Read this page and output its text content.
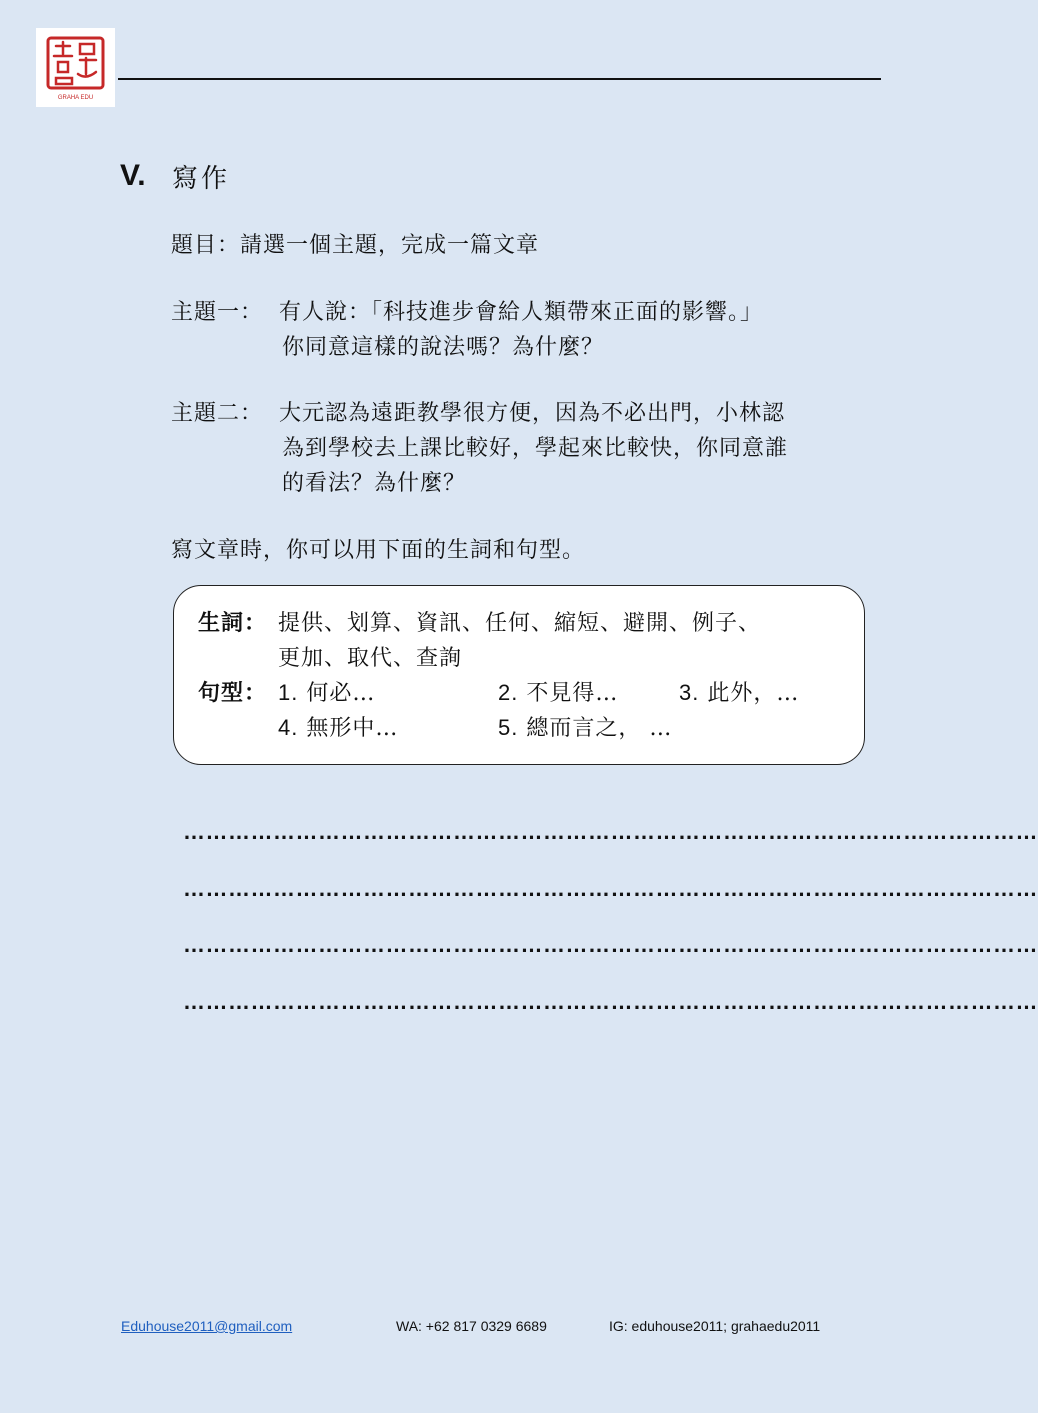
GRAHA EDU
V.	寫作
題目：請選一個主題，完成一篇文章
主題一： 有人說：「科技進步會給人類帶來正面的影響。」
你同意這樣的說法嗎？為什麼？
主題二： 大元認為遠距教學很方便，因為不必出門，小林認
為到學校去上課比較好，學起來比較快，你同意誰
的看法？為什麼？
寫文章時，你可以用下面的生詞和句型。
生詞： 提供、划算、資訊、任何、縮短、避開、例子、
更加、取代、查詢
句型： 1. 何必…	2. 不見得…	3. 此外，…
4. 無形中…	5. 總而言之， …
……………………………………………………………………………………………………
……………………………………………………………………………………………………
……………………………………………………………………………………………………
……………………………………………………………………………………………………
Eduhouse2011@gmail.com	WA: +62 817 0329 6689	IG: eduhouse2011; grahaedu2011
